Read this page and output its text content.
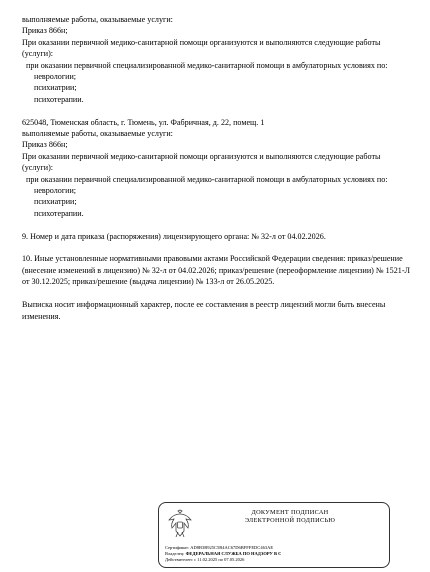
выполняемые работы, оказываемые услуги:

Приказ 866н;

При оказании первичной медико-санитарной помощи организуются и выполняются следующие работы (услуги):

при оказании первичной специализированной медико-санитарной помощи в амбулаторных условиях по:

неврологии;

психиатрии;

психотерапии.

625048, Тюменская область, г. Тюмень, ул. Фабричная, д. 22, помещ. 1

выполняемые работы, оказываемые услуги:

Приказ 866н;

При оказании первичной медико-санитарной помощи организуются и выполняются следующие работы (услуги):

при оказании первичной специализированной медико-санитарной помощи в амбулаторных условиях по:

неврологии;

психиатрии;

психотерапии.

9. Номер и дата приказа (распоряжения) лицензирующего органа: № 32-л от 04.02.2026.

10. Иные установленные нормативными правовыми актами Российской Федерации сведения: приказ/решение (внесение изменений в лицензию) № 32-л от 04.02.2026; приказ/решение (переоформление лицензии) № 1521-Л от 30.12.2025; приказ/решение (выдача лицензии) № 133-л от 26.05.2025.

Выписка носит информационный характер, после ее составления в реестр лицензий могли быть внесены изменения.

ДОКУМЕНТ ПОДПИСАН
ЭЛЕКТРОННОЙ ПОДПИСЬЮ
Сертификат: AD8B3B925C5B4AC67D6BFFFEDC463AE
Владелец: ФЕДЕРАЛЬНАЯ СЛУЖБА ПО НАДЗОРУ В С
Действителен: с 11.02.2025 по 07.05.2026
